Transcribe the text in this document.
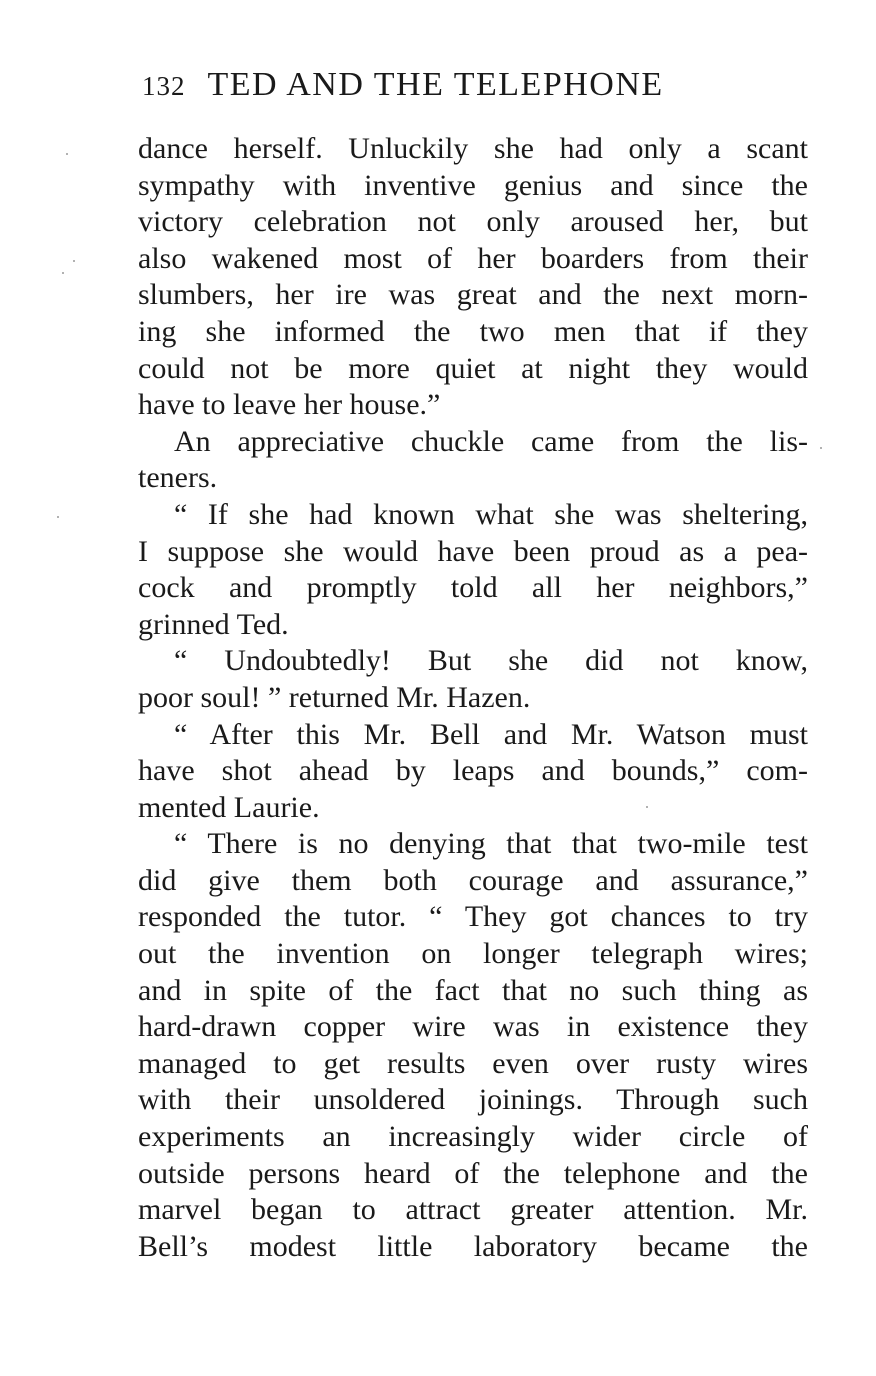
132 TED AND THE TELEPHONE
dance herself. Unluckily she had only a scant
sympathy with inventive genius and since the
victory celebration not only aroused her, but
also wakened most of her boarders from their
slumbers, her ire was great and the next morn-
ing she informed the two men that if they
could not be more quiet at night they would
have to leave her house.”
An appreciative chuckle came from the lis-
teners.
“ If she had known what she was sheltering,
I suppose she would have been proud as a pea-
cock and promptly told all her neighbors,”
grinned Ted.
“ Undoubtedly! But she did not know,
poor soul! ” returned Mr. Hazen.
“ After this Mr. Bell and Mr. Watson must
have shot ahead by leaps and bounds,” com-
mented Laurie.
“ There is no denying that that two-mile test
did give them both courage and assurance,”
responded the tutor. “ They got chances to try
out the invention on longer telegraph wires;
and in spite of the fact that no such thing as
hard-drawn copper wire was in existence they
managed to get results even over rusty wires
with their unsoldered joinings. Through such
experiments an increasingly wider circle of
outside persons heard of the telephone and the
marvel began to attract greater attention. Mr.
Bell’s modest little laboratory became the
